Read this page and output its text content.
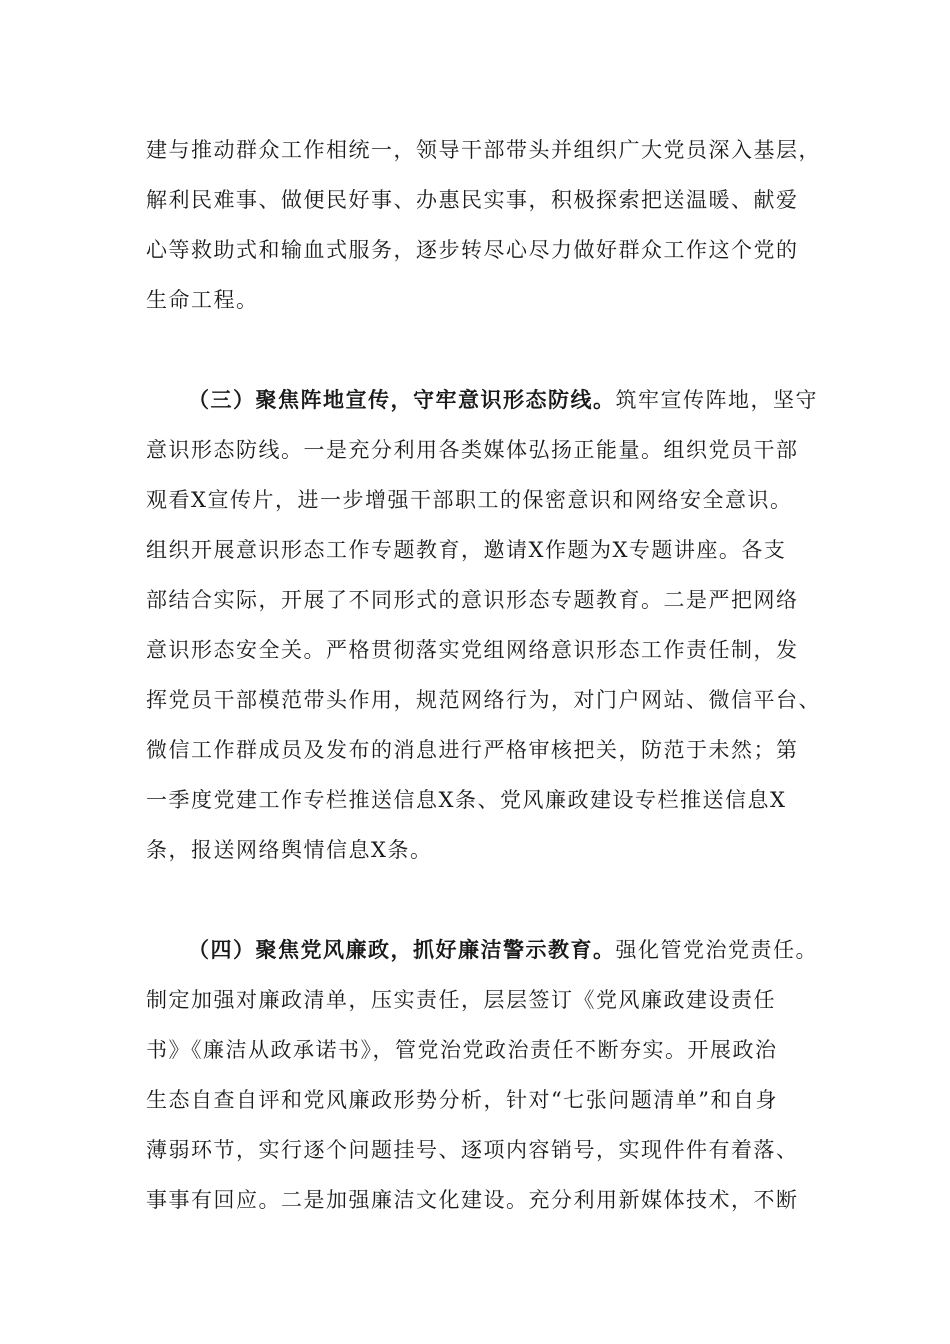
建与推动群众工作相统一，领导干部带头并组织广大党员深入基层，
解利民难事、做便民好事、办惠民实事，积极探索把送温暖、献爱
心等救助式和输血式服务，逐步转尽心尽力做好群众工作这个党的
生命工程。
（三）聚焦阵地宣传，守牢意识形态防线。筑牢宣传阵地，坚守
意识形态防线。一是充分利用各类媒体弘扬正能量。组织党员干部
观看X宣传片，进一步增强干部职工的保密意识和网络安全意识。
组织开展意识形态工作专题教育，邀请X作题为X专题讲座。各支
部结合实际，开展了不同形式的意识形态专题教育。二是严把网络
意识形态安全关。严格贯彻落实党组网络意识形态工作责任制，发
挥党员干部模范带头作用，规范网络行为，对门户网站、微信平台、
微信工作群成员及发布的消息进行严格审核把关，防范于未然；第
一季度党建工作专栏推送信息X条、党风廉政建设专栏推送信息X
条，报送网络舆情信息X条。
（四）聚焦党风廉政，抓好廉洁警示教育。强化管党治党责任。
制定加强对廉政清单，压实责任，层层签订《党风廉政建设责任
书》《廉洁从政承诺书》，管党治党政治责任不断夯实。开展政治
生态自查自评和党风廉政形势分析，针对“七张问题清单”和自身
薄弱环节，实行逐个问题挂号、逐项内容销号，实现件件有着落、
事事有回应。二是加强廉洁文化建设。充分利用新媒体技术，不断
